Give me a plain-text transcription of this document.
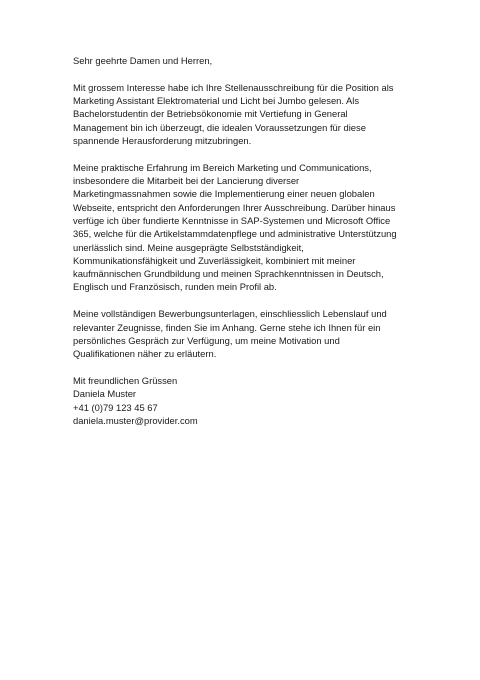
Sehr geehrte Damen und Herren,

Mit grossem Interesse habe ich Ihre Stellenausschreibung für die Position als
Marketing Assistant Elektromaterial und Licht bei Jumbo gelesen. Als
Bachelorstudentin der Betriebsökonomie mit Vertiefung in General
Management bin ich überzeugt, die idealen Voraussetzungen für diese
spannende Herausforderung mitzubringen.

Meine praktische Erfahrung im Bereich Marketing und Communications,
insbesondere die Mitarbeit bei der Lancierung diverser
Marketingmassnahmen sowie die Implementierung einer neuen globalen
Webseite, entspricht den Anforderungen Ihrer Ausschreibung. Darüber hinaus
verfüge ich über fundierte Kenntnisse in SAP-Systemen und Microsoft Office
365, welche für die Artikelstammdatenpflege und administrative Unterstützung
unerlässlich sind. Meine ausgeprägte Selbstständigkeit,
Kommunikationsfähigkeit und Zuverlässigkeit, kombiniert mit meiner
kaufmännischen Grundbildung und meinen Sprachkenntnissen in Deutsch,
Englisch und Französisch, runden mein Profil ab.

Meine vollständigen Bewerbungsunterlagen, einschliesslich Lebenslauf und
relevanter Zeugnisse, finden Sie im Anhang. Gerne stehe ich Ihnen für ein
persönliches Gespräch zur Verfügung, um meine Motivation und
Qualifikationen näher zu erläutern.

Mit freundlichen Grüssen
Daniela Muster
+41 (0)79 123 45 67
daniela.muster@provider.com
